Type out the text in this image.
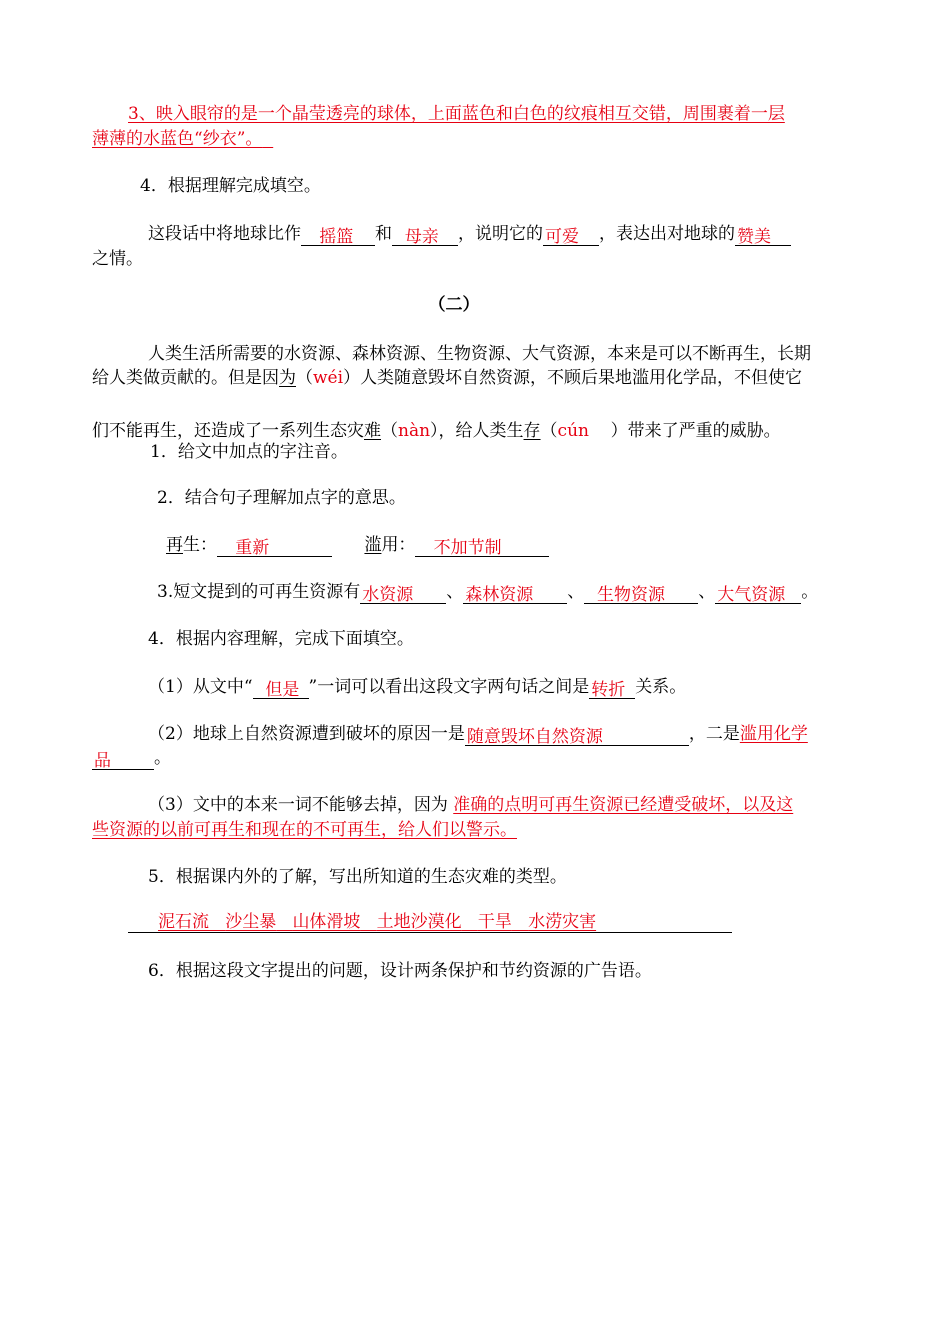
3、映入眼帘的是一个晶莹透亮的球体，上面蓝色和白色的纹痕相互交错，周围裹着一层
薄薄的水蓝色“纱衣”。
4．根据理解完成填空。
这段话中将地球比作 摇篮 和 母亲 ，说明它的 可爱 ，表达出对地球的 赞美
之情。
（二）
人类生活所需要的水资源、森林资源、生物资源、大气资源，本来是可以不断再生，长期
给人类做贡献的。但是因为（wéi）人类随意毁坏自然资源，不顾后果地滥用化学品，不但使它
们不能再生，还造成了一系列生态灾难（nàn），给人类生存（cún    ）带来了严重的威胁。
1．给文中加点的字注音。
2．结合句子理解加点字的意思。
再生： 重新	滥用： 不加节制
3.短文提到的可再生资源有 水资源 、 森林资源 、 生物资源 、 大气资源 。
4．根据内容理解，完成下面填空。
（1）从文中“ 但是 ”一词可以看出这段文字两句话之间是 转折 关系。
（2）地球上自然资源遭到破坏的原因一是 随意毁坏自然资源	，二是滥用化学
品	。
（3）文中的本来一词不能够去掉，因为 准确的点明可再生资源已经遭受破坏，以及这
些资源的以前可再生和现在的不可再生，给人们以警示。
5．根据课内外的了解，写出所知道的生态灾难的类型。
泥石流 沙尘暴 山体滑坡 土地沙漠化 干旱 水涝灾害
6．根据这段文字提出的问题，设计两条保护和节约资源的广告语。
